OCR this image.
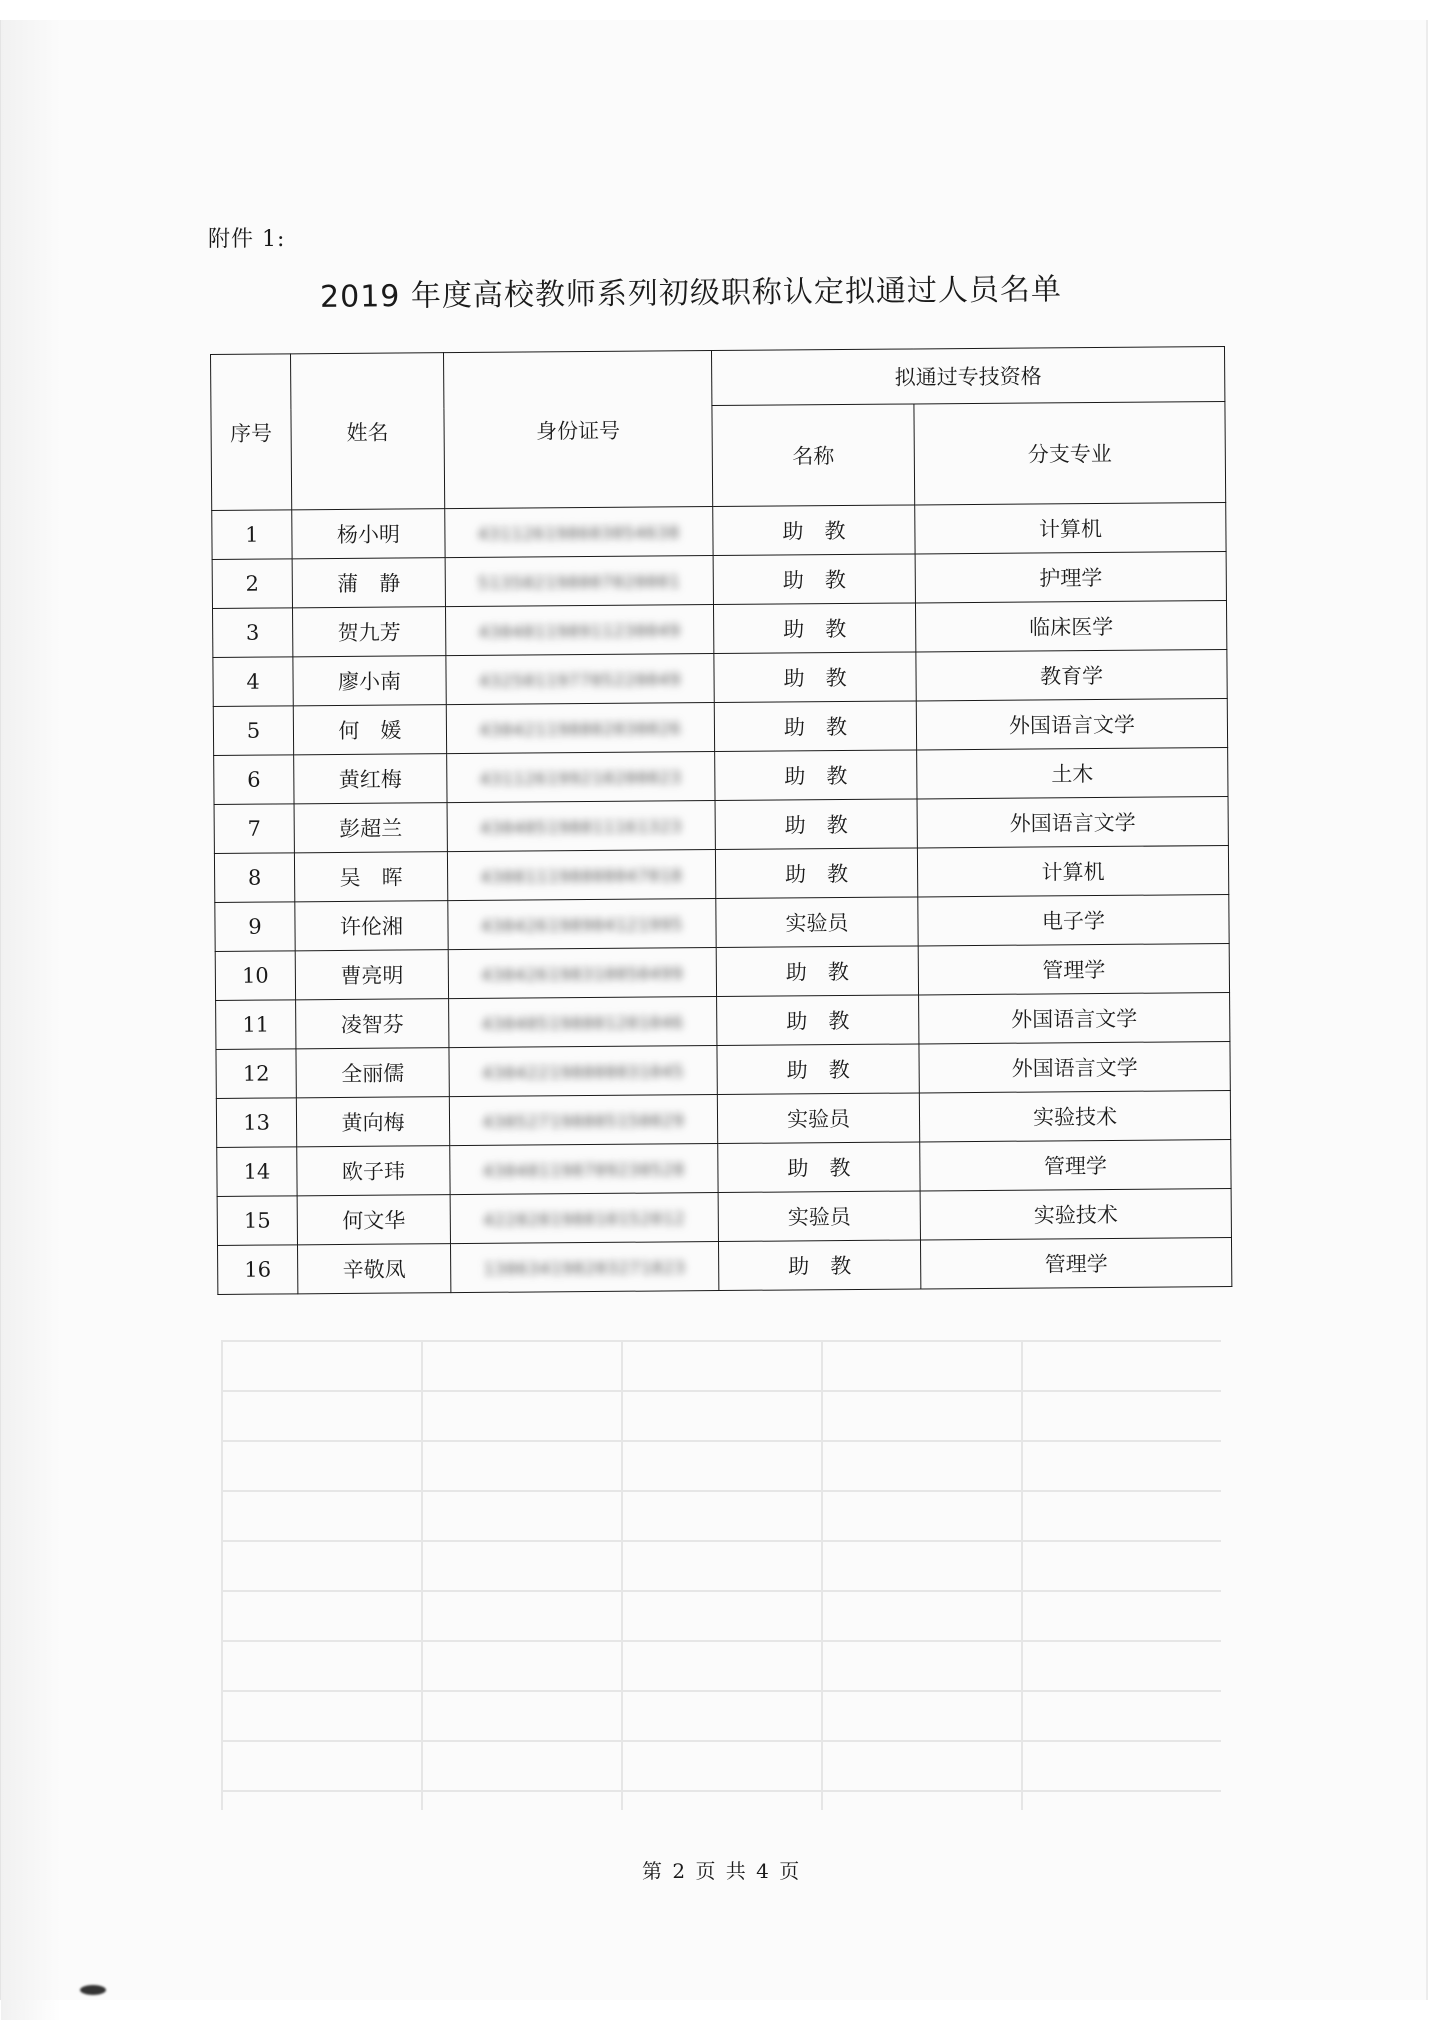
附件 1:
2019 年度高校教师系列初级职称认定拟通过人员名单
序号	姓名	身份证号	拟通过专技资格	
			名称	分支专业
1	杨小明	431126198603054638	助　教	计算机
2	蒲　静	513502198007020001	助　教	护理学
3	贺九芳	430481198911230049	助　教	临床医学
4	廖小南	432501197705220049	助　教	教育学
5	何　媛	430421198802030026	助　教	外国语言文学
6	黄红梅	431126199210200023	助　教	土木
7	彭超兰	430405198811161323	助　教	外国语言文学
8	吴　晖	430811198808047018	助　教	计算机
9	许伦湘	430426198904121995	实验员	电子学
10	曹亮明	430426198310050499	助　教	管理学
11	凌智芬	430405198801201046	助　教	外国语言文学
12	全丽儒	430422198808031045	助　教	外国语言文学
13	黄向梅	430527198805150029	实验员	实验技术
14	欧子玮	430481198709230528	助　教	管理学
15	何文华	422828198810152012	实验员	实验技术
16	辛敬凤	130634198203271823	助　教	管理学
第 2 页 共 4 页
